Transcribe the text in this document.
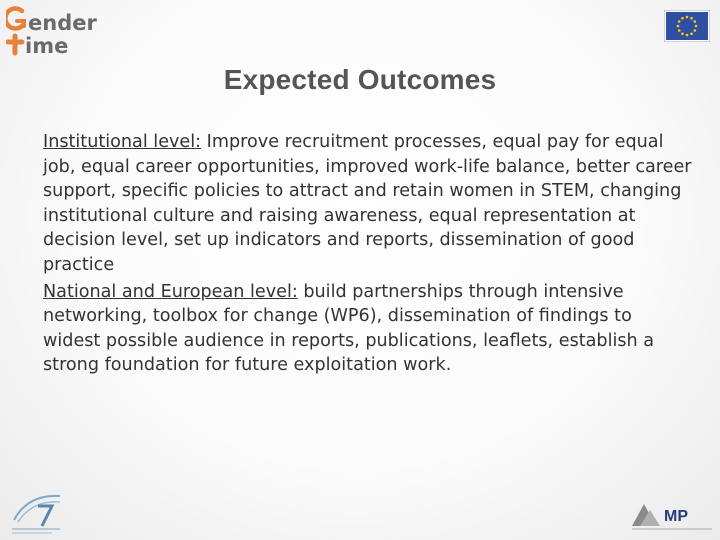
ender
ime
Expected Outcomes

Institutional level: Improve recruitment processes, equal pay for equal job, equal career opportunities, improved work-life balance, better career support, specific policies to attract and retain women in STEM, changing institutional culture and raising awareness, equal representation at decision level, set up indicators and reports, dissemination of good practice

National and European level: build partnerships through intensive networking, toolbox for change (WP6), dissemination of findings to widest possible audience in reports, publications, leaflets, establish a strong foundation for future exploitation work.

MP
